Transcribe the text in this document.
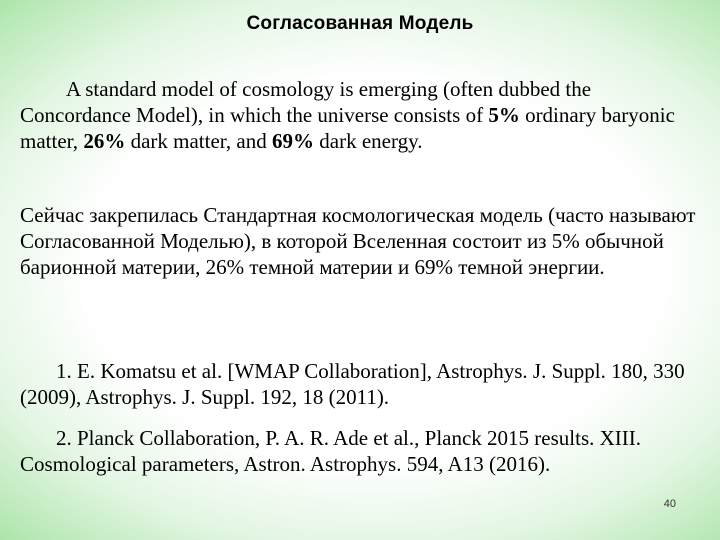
Согласованная Модель

A standard model of cosmology is emerging (often dubbed the Concordance Model), in which the universe consists of 5% ordinary baryonic matter, 26% dark matter, and 69% dark energy.

Сейчас закрепилась Стандартная космологическая модель (часто называют Согласованной Моделью), в которой Вселенная состоит из 5% обычной барионной материи, 26% темной материи и 69% темной энергии.

1. E. Komatsu et al. [WMAP Collaboration], Astrophys. J. Suppl. 180, 330 (2009), Astrophys. J. Suppl. 192, 18 (2011).

2. Planck Collaboration, P. A. R. Ade et al., Planck 2015 results. XIII. Cosmological parameters, Astron. Astrophys. 594, A13 (2016).

40
